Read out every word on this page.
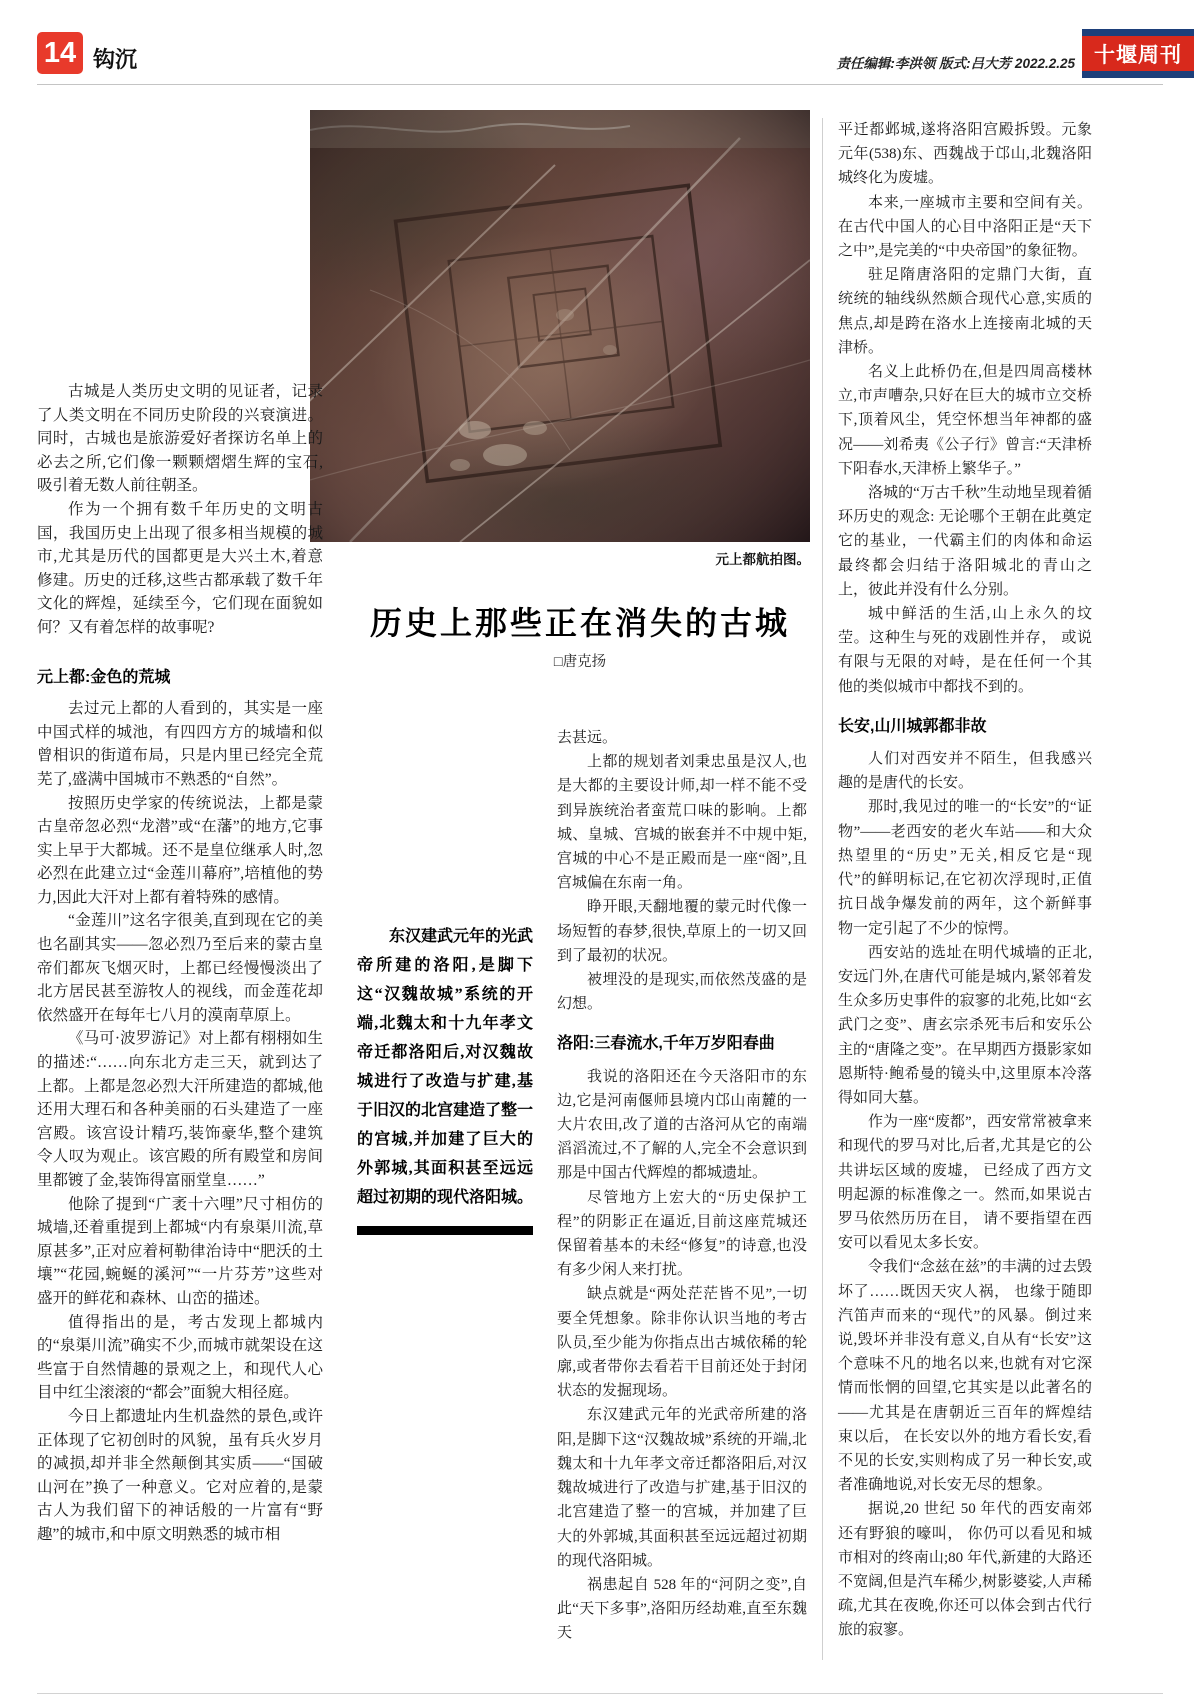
14 钩沉	责任编辑:李洪领 版式:吕大芳 2022.2.25 十堰周刊
元上都航拍图。
历史上那些正在消失的古城
□唐克扬

古城是人类历史文明的见证者，记录了人类文明在不同历史阶段的兴衰演进。同时，古城也是旅游爱好者探访名单上的必去之所,它们像一颗颗熠熠生辉的宝石,吸引着无数人前往朝圣。

作为一个拥有数千年历史的文明古国，我国历史上出现了很多相当规模的城市,尤其是历代的国都更是大兴土木,着意修建。历史的迁移,这些古都承载了数千年文化的辉煌，延续至今，它们现在面貌如何？又有着怎样的故事呢?

元上都:金色的荒城

去过元上都的人看到的，其实是一座中国式样的城池，有四四方方的城墙和似曾相识的街道布局，只是内里已经完全荒芜了,盛满中国城市不熟悉的“自然”。

按照历史学家的传统说法，上都是蒙古皇帝忽必烈“龙潜”或“在藩”的地方,它事实上早于大都城。还不是皇位继承人时,忽必烈在此建立过“金莲川幕府”,培植他的势力,因此大汗对上都有着特殊的感情。

“金莲川”这名字很美,直到现在它的美也名副其实——忽必烈乃至后来的蒙古皇帝们都灰飞烟灭时，上都已经慢慢淡出了北方居民甚至游牧人的视线，而金莲花却依然盛开在每年七八月的漠南草原上。

《马可·波罗游记》对上都有栩栩如生的描述:“……向东北方走三天，就到达了上都。上都是忽必烈大汗所建造的都城,他还用大理石和各种美丽的石头建造了一座宫殿。该宫设计精巧,装饰豪华,整个建筑令人叹为观止。该宫殿的所有殿堂和房间里都镀了金,装饰得富丽堂皇……”

他除了提到“广袤十六哩”尺寸相仿的城墙,还着重提到上都城“内有泉渠川流,草原甚多”,正对应着柯勒律治诗中“肥沃的土壤”“花园,蜿蜒的溪河”“一片芬芳”这些对盛开的鲜花和森林、山峦的描述。

值得指出的是，考古发现上都城内的“泉渠川流”确实不少,而城市就架设在这些富于自然情趣的景观之上，和现代人心目中红尘滚滚的“都会”面貌大相径庭。

今日上都遗址内生机盎然的景色,或许正体现了它初创时的风貌，虽有兵火岁月的减损,却并非全然颠倒其实质——“国破山河在”换了一种意义。它对应着的,是蒙古人为我们留下的神话般的一片富有“野趣”的城市,和中原文明熟悉的城市相

东汉建武元年的光武帝所建的洛阳,是脚下这“汉魏故城”系统的开端,北魏太和十九年孝文帝迁都洛阳后,对汉魏故城进行了改造与扩建,基于旧汉的北宫建造了整一的宫城,并加建了巨大的外郭城,其面积甚至远远超过初期的现代洛阳城。

去甚远。

上都的规划者刘秉忠虽是汉人,也是大都的主要设计师,却一样不能不受到异族统治者蛮荒口味的影响。上都城、皇城、宫城的嵌套并不中规中矩,宫城的中心不是正殿而是一座“阁”,且宫城偏在东南一角。

睁开眼,天翻地覆的蒙元时代像一场短暂的春梦,很快,草原上的一切又回到了最初的状况。

被埋没的是现实,而依然茂盛的是幻想。

洛阳:三春流水,千年万岁阳春曲

我说的洛阳还在今天洛阳市的东边,它是河南偃师县境内邙山南麓的一大片农田,改了道的古洛河从它的南端滔滔流过,不了解的人,完全不会意识到那是中国古代辉煌的都城遗址。

尽管地方上宏大的“历史保护工程”的阴影正在逼近,目前这座荒城还保留着基本的未经“修复”的诗意,也没有多少闲人来打扰。

缺点就是“两处茫茫皆不见”,一切要全凭想象。除非你认识当地的考古队员,至少能为你指点出古城依稀的轮廓,或者带你去看若干目前还处于封闭状态的发掘现场。

东汉建武元年的光武帝所建的洛阳,是脚下这“汉魏故城”系统的开端,北魏太和十九年孝文帝迁都洛阳后,对汉魏故城进行了改造与扩建,基于旧汉的北宫建造了整一的宫城，并加建了巨大的外郭城,其面积甚至远远超过初期的现代洛阳城。

祸患起自 528 年的“河阴之变”,自此“天下多事”,洛阳历经劫难,直至东魏天

平迁都邺城,遂将洛阳宫殿拆毁。元象元年(538)东、西魏战于邙山,北魏洛阳城终化为废墟。

本来,一座城市主要和空间有关。在古代中国人的心目中洛阳正是“天下之中”,是完美的“中央帝国”的象征物。

驻足隋唐洛阳的定鼎门大街，直统统的轴线纵然颇合现代心意,实质的焦点,却是跨在洛水上连接南北城的天津桥。

名义上此桥仍在,但是四周高楼林立,市声嘈杂,只好在巨大的城市立交桥下,顶着风尘，凭空怀想当年神都的盛况——刘希夷《公子行》曾言:“天津桥下阳春水,天津桥上繁华子。”

洛城的“万古千秋”生动地呈现着循环历史的观念: 无论哪个王朝在此奠定它的基业，一代霸主们的肉体和命运最终都会归结于洛阳城北的青山之上，彼此并没有什么分别。

城中鲜活的生活,山上永久的坟茔。这种生与死的戏剧性并存， 或说有限与无限的对峙，是在任何一个其他的类似城市中都找不到的。

长安,山川城郭都非故

人们对西安并不陌生，但我感兴趣的是唐代的长安。

那时,我见过的唯一的“长安”的“证物”——老西安的老火车站——和大众热望里的“历史”无关,相反它是“现代”的鲜明标记,在它初次浮现时,正值抗日战争爆发前的两年，这个新鲜事物一定引起了不少的惊愕。

西安站的选址在明代城墙的正北,安远门外,在唐代可能是城内,紧邻着发生众多历史事件的寂寥的北苑,比如“玄武门之变”、唐玄宗杀死韦后和安乐公主的“唐隆之变”。在早期西方摄影家如恩斯特·鲍希曼的镜头中,这里原本冷落得如同大墓。

作为一座“废都”，西安常常被拿来和现代的罗马对比,后者,尤其是它的公共讲坛区域的废墟， 已经成了西方文明起源的标准像之一。然而,如果说古罗马依然历历在目， 请不要指望在西安可以看见太多长安。

令我们“念兹在兹”的丰满的过去毁坏了……既因天灾人祸， 也缘于随即汽笛声而来的“现代”的风暴。倒过来说,毁坏并非没有意义,自从有“长安”这个意味不凡的地名以来,也就有对它深情而怅惘的回望,它其实是以此著名的——尤其是在唐朝近三百年的辉煌结束以后， 在长安以外的地方看长安,看不见的长安,实则构成了另一种长安,或者准确地说,对长安无尽的想象。

据说,20 世纪 50 年代的西安南郊还有野狼的嚎叫， 你仍可以看见和城市相对的终南山;80 年代,新建的大路还不宽阔,但是汽车稀少,树影婆娑,人声稀疏,尤其在夜晚,你还可以体会到古代行旅的寂寥。
